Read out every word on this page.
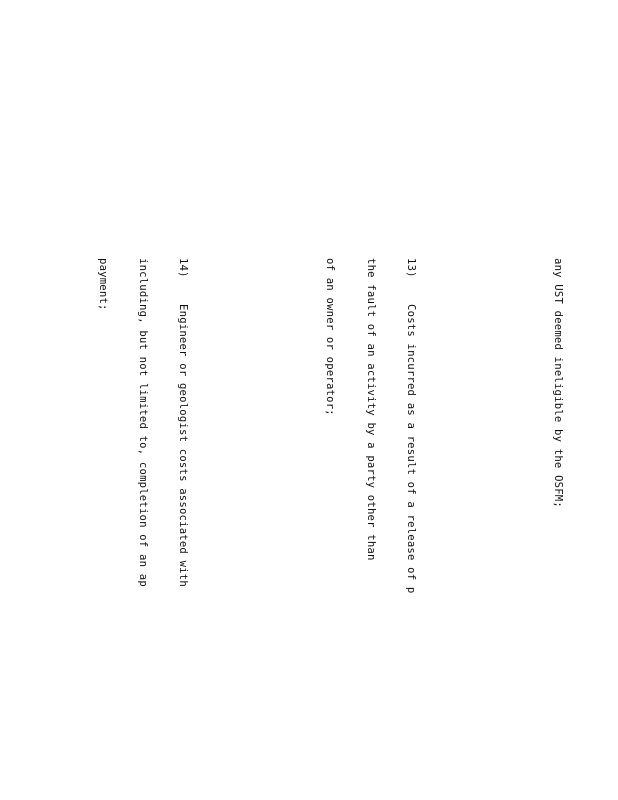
any UST deemed ineligible by the OSFM;

13)    Costs incurred as a result of a release of p

the fault of an activity by a party other than

of an owner or operator;

14)    Engineer or geologist costs associated with

including, but not limited to, completion of an ap

payment;
